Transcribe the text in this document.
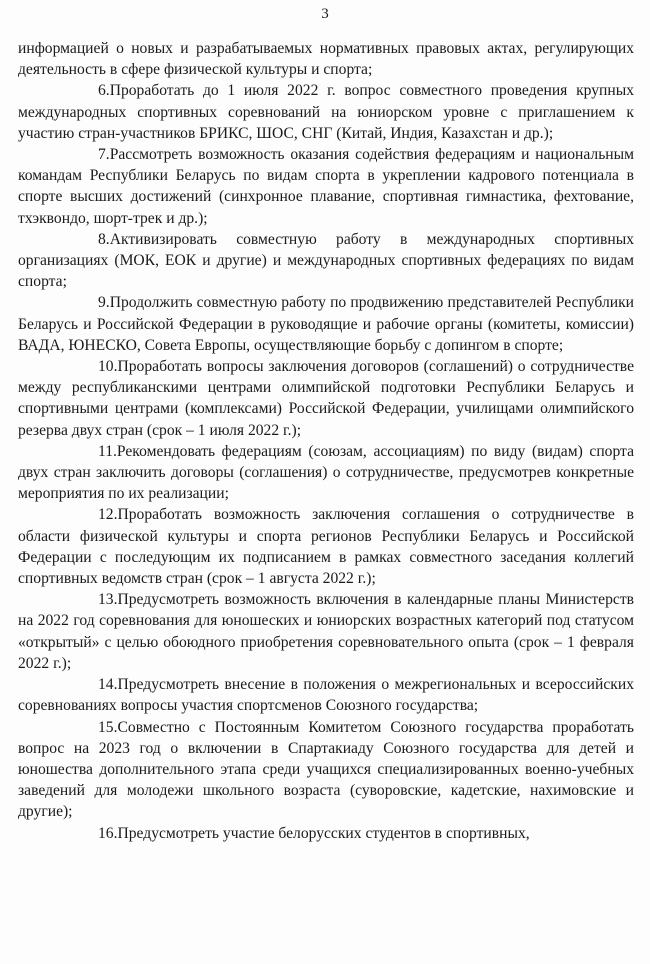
3

информацией о новых и разрабатываемых нормативных правовых актах, регулирующих деятельность в сфере физической культуры и спорта;

6.Проработать до 1 июля 2022 г. вопрос совместного проведения крупных международных спортивных соревнований на юниорском уровне с приглашением к участию стран-участников БРИКС, ШОС, СНГ (Китай, Индия, Казахстан и др.);

7.Рассмотреть возможность оказания содействия федерациям и национальным командам Республики Беларусь по видам спорта в укреплении кадрового потенциала в спорте высших достижений (синхронное плавание, спортивная гимнастика, фехтование, тхэквондо, шорт-трек и др.);

8.Активизировать совместную работу в международных спортивных организациях (МОК, ЕОК и другие) и международных спортивных федерациях по видам спорта;

9.Продолжить совместную работу по продвижению представителей Республики Беларусь и Российской Федерации в руководящие и рабочие органы (комитеты, комиссии) ВАДА, ЮНЕСКО, Совета Европы, осуществляющие борьбу с допингом в спорте;

10.Проработать вопросы заключения договоров (соглашений) о сотрудничестве между республиканскими центрами олимпийской подготовки Республики Беларусь и спортивными центрами (комплексами) Российской Федерации, училищами олимпийского резерва двух стран (срок – 1 июля 2022 г.);

11.Рекомендовать федерациям (союзам, ассоциациям) по виду (видам) спорта двух стран заключить договоры (соглашения) о сотрудничестве, предусмотрев конкретные мероприятия по их реализации;

12.Проработать возможность заключения соглашения о сотрудничестве в области физической культуры и спорта регионов Республики Беларусь и Российской Федерации с последующим их подписанием в рамках совместного заседания коллегий спортивных ведомств стран (срок – 1 августа 2022 г.);

13.Предусмотреть возможность включения в календарные планы Министерств на 2022 год соревнования для юношеских и юниорских возрастных категорий под статусом «открытый» с целью обоюдного приобретения соревновательного опыта (срок – 1 февраля 2022 г.);

14.Предусмотреть внесение в положения о межрегиональных и всероссийских соревнованиях вопросы участия спортсменов Союзного государства;

15.Совместно с Постоянным Комитетом Союзного государства проработать вопрос на 2023 год о включении в Спартакиаду Союзного государства для детей и юношества дополнительного этапа среди учащихся специализированных военно-учебных заведений для молодежи школьного возраста (суворовские, кадетские, нахимовские и другие);

16.Предусмотреть участие белорусских студентов в спортивных,
